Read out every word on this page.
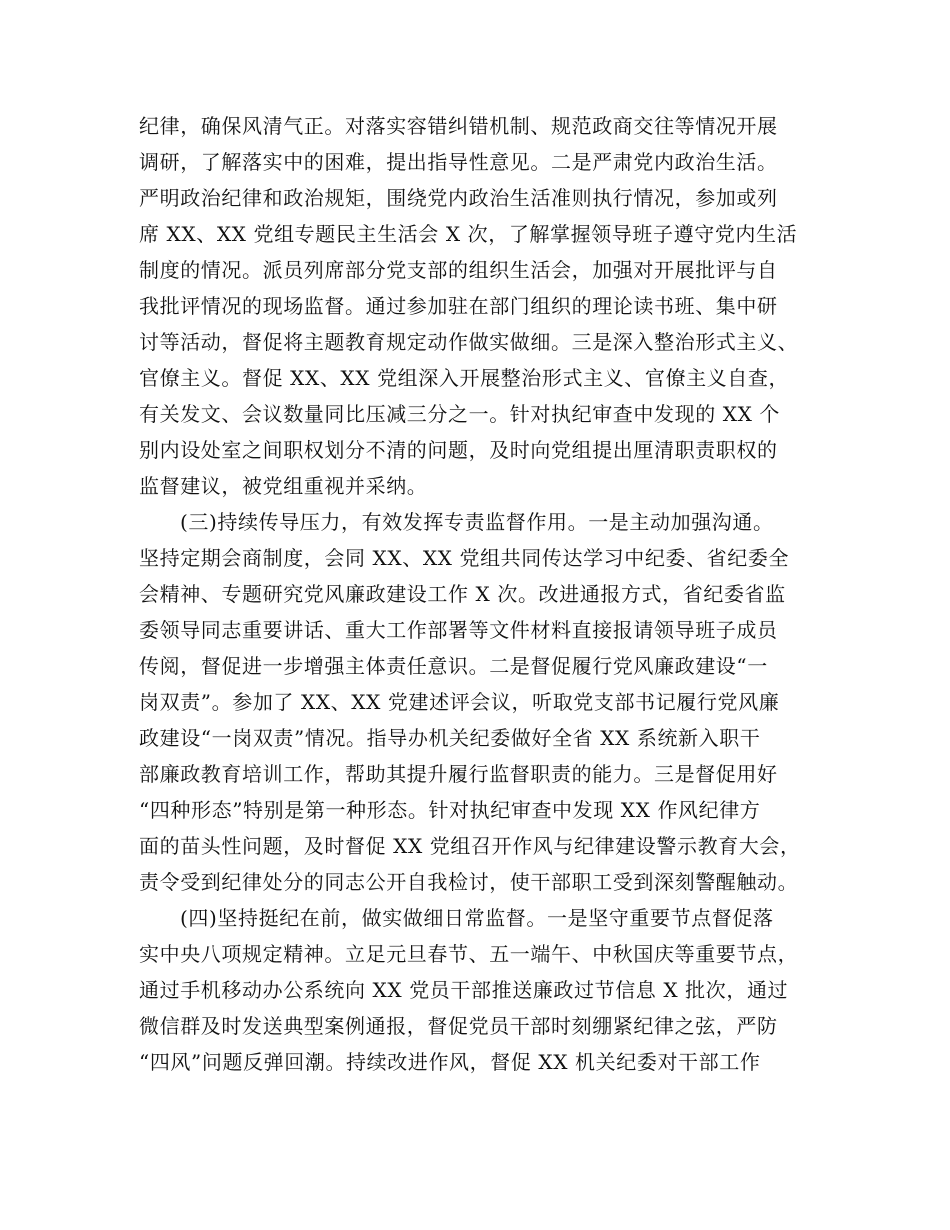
纪律，确保风清气正。对落实容错纠错机制、规范政商交往等情况开展
调研，了解落实中的困难，提出指导性意见。二是严肃党内政治生活。
严明政治纪律和政治规矩，围绕党内政治生活准则执行情况，参加或列
席 XX、XX 党组专题民主生活会 X 次，了解掌握领导班子遵守党内生活
制度的情况。派员列席部分党支部的组织生活会，加强对开展批评与自
我批评情况的现场监督。通过参加驻在部门组织的理论读书班、集中研
讨等活动，督促将主题教育规定动作做实做细。三是深入整治形式主义、
官僚主义。督促 XX、XX 党组深入开展整治形式主义、官僚主义自查，
有关发文、会议数量同比压减三分之一。针对执纪审查中发现的 XX 个
别内设处室之间职权划分不清的问题，及时向党组提出厘清职责职权的
监督建议，被党组重视并采纳。
(三)持续传导压力，有效发挥专责监督作用。一是主动加强沟通。
坚持定期会商制度，会同 XX、XX 党组共同传达学习中纪委、省纪委全
会精神、专题研究党风廉政建设工作 X 次。改进通报方式，省纪委省监
委领导同志重要讲话、重大工作部署等文件材料直接报请领导班子成员
传阅，督促进一步增强主体责任意识。二是督促履行党风廉政建设“一
岗双责”。参加了 XX、XX 党建述评会议，听取党支部书记履行党风廉
政建设“一岗双责”情况。指导办机关纪委做好全省 XX 系统新入职干
部廉政教育培训工作，帮助其提升履行监督职责的能力。三是督促用好
“四种形态”特别是第一种形态。针对执纪审查中发现 XX 作风纪律方
面的苗头性问题，及时督促 XX 党组召开作风与纪律建设警示教育大会，
责令受到纪律处分的同志公开自我检讨，使干部职工受到深刻警醒触动。
(四)坚持挺纪在前，做实做细日常监督。一是坚守重要节点督促落
实中央八项规定精神。立足元旦春节、五一端午、中秋国庆等重要节点，
通过手机移动办公系统向 XX 党员干部推送廉政过节信息 X 批次，通过
微信群及时发送典型案例通报，督促党员干部时刻绷紧纪律之弦，严防
“四风”问题反弹回潮。持续改进作风，督促 XX 机关纪委对干部工作
